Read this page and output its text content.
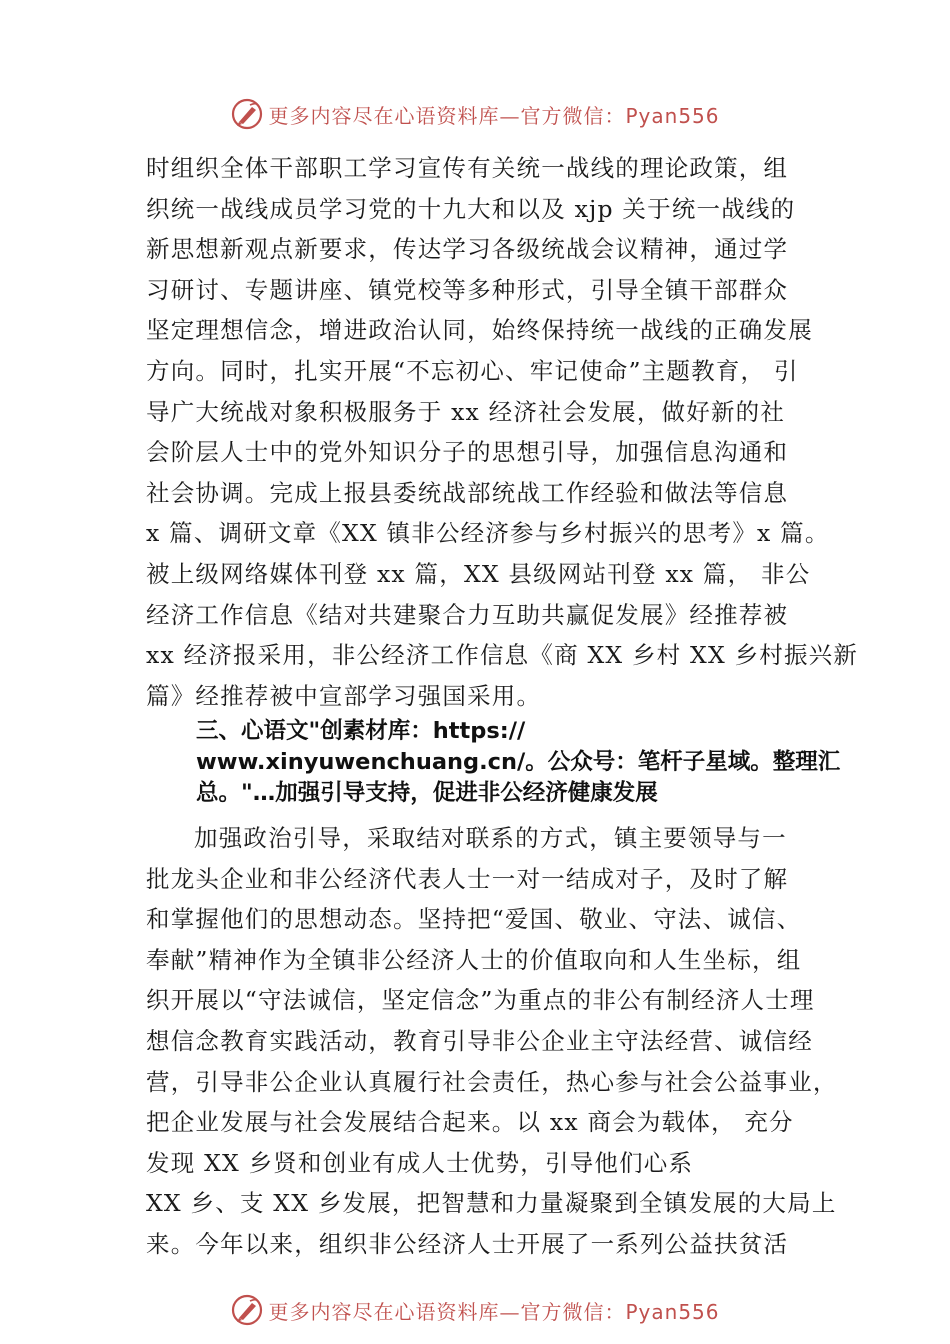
更多内容尽在心语资料库—官方微信：Pyan556
时组织全体干部职工学习宣传有关统一战线的理论政策，组
织统一战线成员学习党的十九大和以及 xjp 关于统一战线的
新思想新观点新要求，传达学习各级统战会议精神，通过学
习研讨、专题讲座、镇党校等多种形式，引导全镇干部群众
坚定理想信念，增进政治认同，始终保持统一战线的正确发展
方向。同时，扎实开展“不忘初心、牢记使命”主题教育， 引
导广大统战对象积极服务于 xx 经济社会发展，做好新的社
会阶层人士中的党外知识分子的思想引导，加强信息沟通和
社会协调。完成上报县委统战部统战工作经验和做法等信息
x 篇、调研文章《XX 镇非公经济参与乡村振兴的思考》x 篇。
被上级网络媒体刊登 xx 篇，XX 县级网站刊登 xx 篇， 非公
经济工作信息《结对共建聚合力互助共赢促发展》经推荐被
xx 经济报采用，非公经济工作信息《商 XX 乡村 XX 乡村振兴新
篇》经推荐被中宣部学习强国采用。
三、心语文"创素材库：https://
www.xinyuwenchuang.cn/。公众号：笔杆子星域。整理汇
总。"…加强引导支持，促进非公经济健康发展
加强政治引导，采取结对联系的方式，镇主要领导与一
批龙头企业和非公经济代表人士一对一结成对子，及时了解
和掌握他们的思想动态。坚持把“爱国、敬业、守法、诚信、
奉献”精神作为全镇非公经济人士的价值取向和人生坐标，组
织开展以“守法诚信，坚定信念”为重点的非公有制经济人士理
想信念教育实践活动，教育引导非公企业主守法经营、诚信经
营，引导非公企业认真履行社会责任，热心参与社会公益事业，
把企业发展与社会发展结合起来。以 xx 商会为载体， 充分
发现 XX 乡贤和创业有成人士优势，引导他们心系
XX 乡、支 XX 乡发展，把智慧和力量凝聚到全镇发展的大局上
来。今年以来，组织非公经济人士开展了一系列公益扶贫活
更多内容尽在心语资料库—官方微信：Pyan556
